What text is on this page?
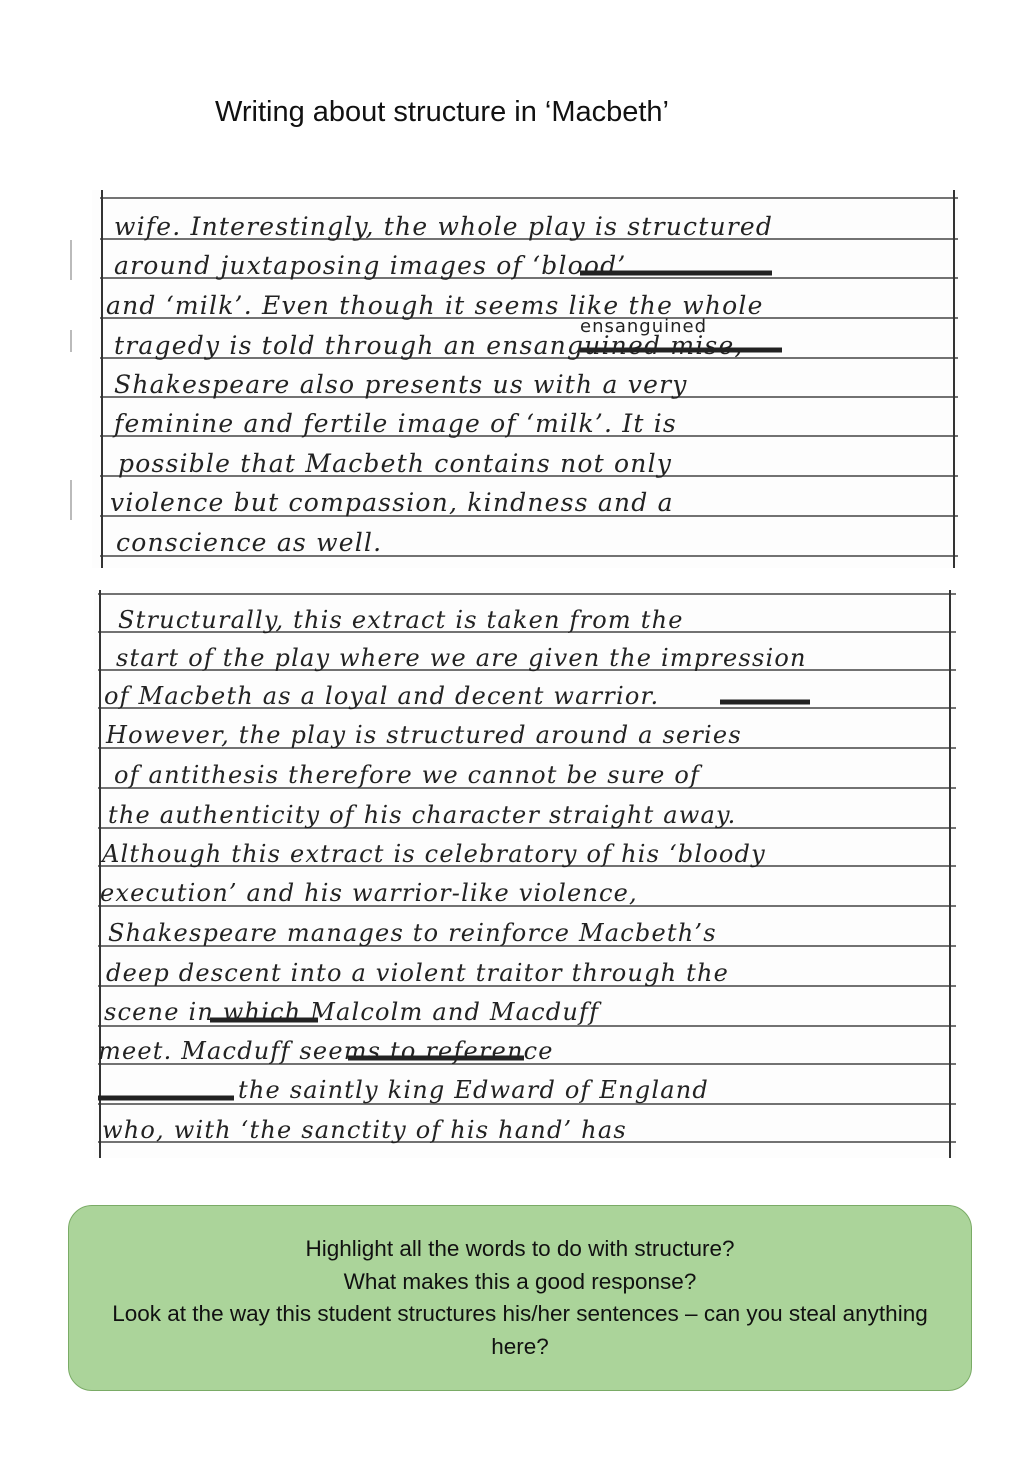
Writing about structure in ‘Macbeth’
ensanguined
wife. Interestingly, the whole play is structured
around juxtaposing images of ‘blood’
and ‘milk’. Even though it seems like the whole
tragedy is told through an ensanguined mise,
Shakespeare also presents us with a very
feminine and fertile image of ‘milk’. It is
possible that Macbeth contains not only
violence but compassion, kindness and a
conscience as well.
Structurally, this extract is taken from the
start of the play where we are given the impression
of Macbeth as a loyal and decent warrior.
However, the play is structured around a series
of antithesis therefore we cannot be sure of
the authenticity of his character straight away.
Although this extract is celebratory of his ‘bloody
execution’ and his warrior-like violence,
Shakespeare manages to reinforce Macbeth’s
deep descent into a violent traitor through the
scene in which Malcolm and Macduff
meet. Macduff seems to reference
the saintly king Edward of England
who, with ‘the sanctity of his hand’ has
Highlight all the words to do with structure?
What makes this a good response?
Look at the way this student structures his/her sentences – can you steal anything here?
